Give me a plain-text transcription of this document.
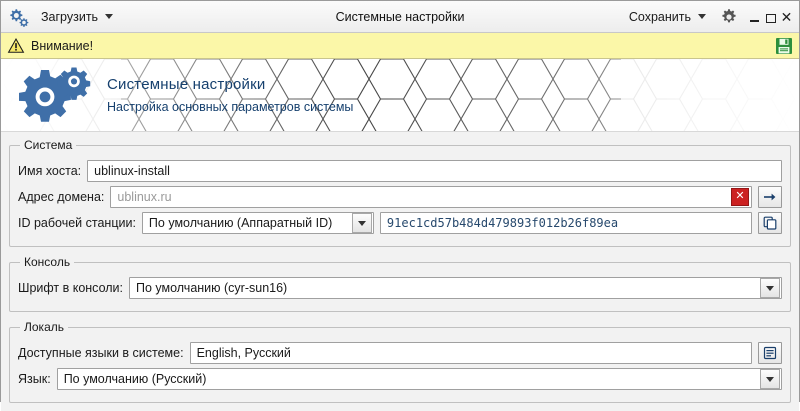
Загрузить	Системные настройки	Сохранить	✕
Внимание!
Системные настройки
Настройка основных параметров системы
Система
Имя хоста: ublinux-install
Адрес домена: ublinux.ru	✕
ID рабочей станции: По умолчанию (Аппаратный ID)	91ec1cd57b484d479893f012b26f89ea
Консоль
Шрифт в консоли: По умолчанию (cyr-sun16)
Локаль
Доступные языки в системе: English, Русский
Язык: По умолчанию (Русский)
